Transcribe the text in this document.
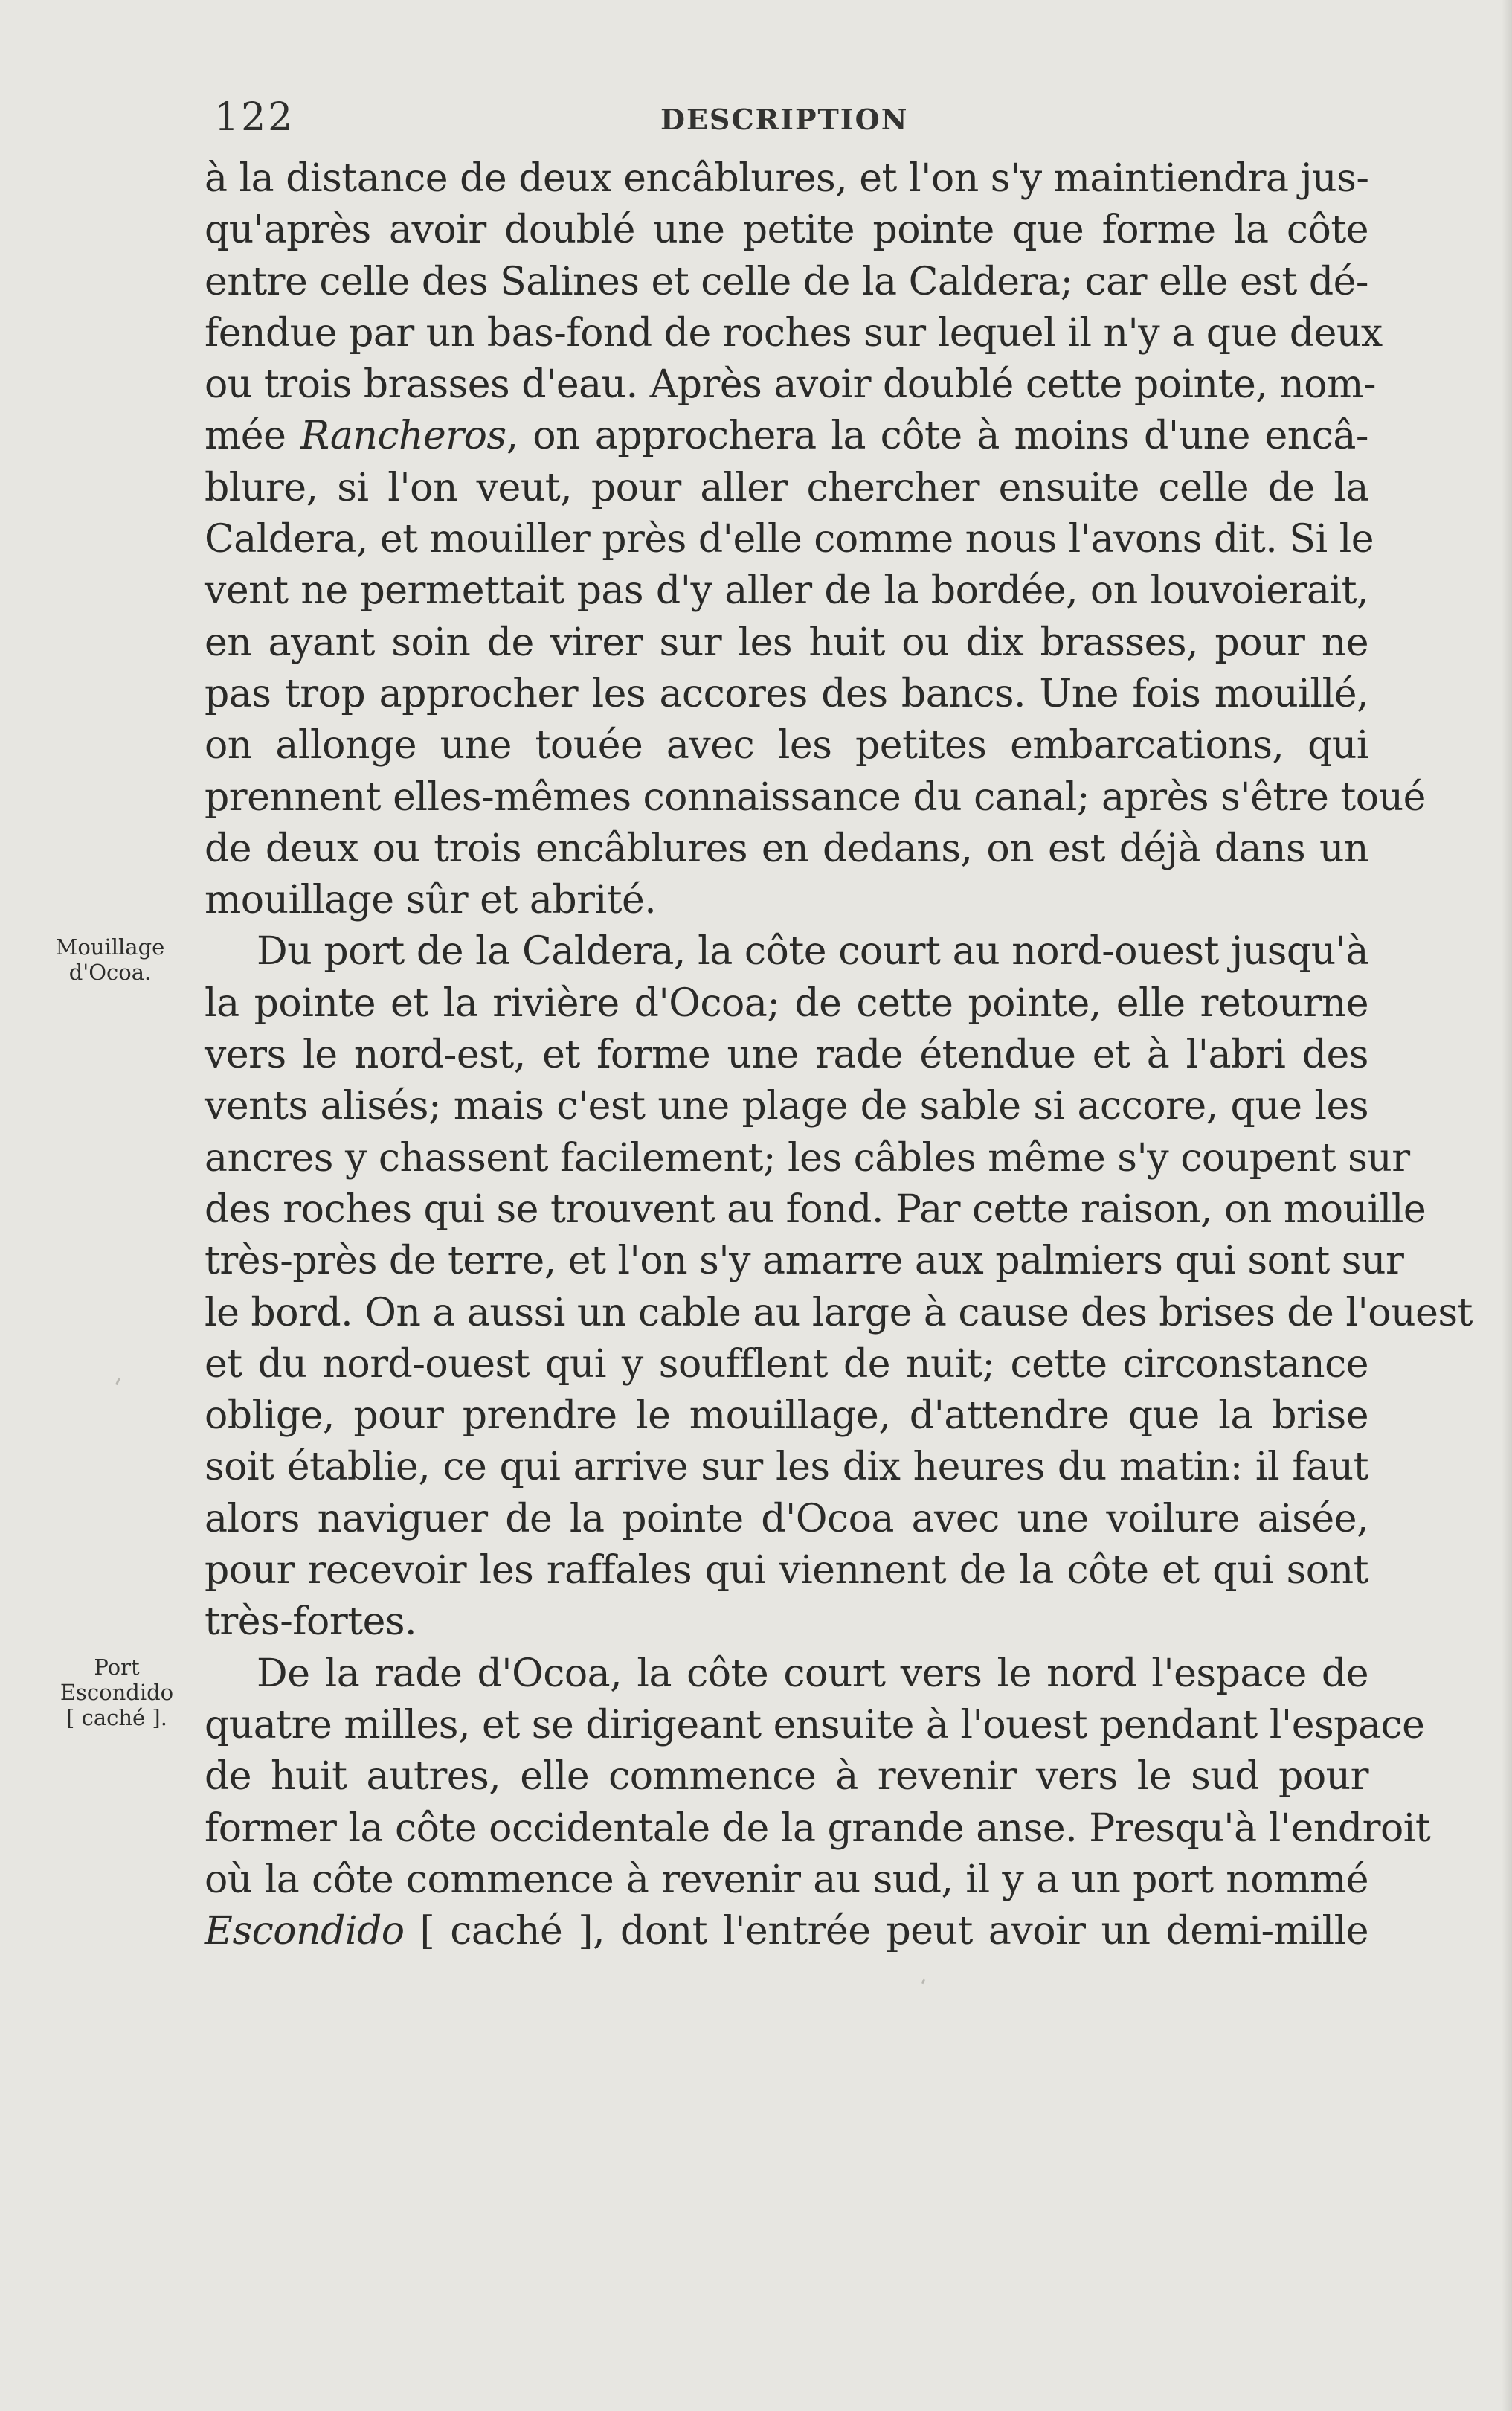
122	DESCRIPTION
à la distance de deux encâblures, et l'on s'y maintiendra jus-
qu'après avoir doublé une petite pointe que forme la côte
entre celle des Salines et celle de la Caldera; car elle est dé-
fendue par un bas-fond de roches sur lequel il n'y a que deux
ou trois brasses d'eau. Après avoir doublé cette pointe, nom-
mée Rancheros, on approchera la côte à moins d'une encâ-
blure, si l'on veut, pour aller chercher ensuite celle de la
Caldera, et mouiller près d'elle comme nous l'avons dit. Si le
vent ne permettait pas d'y aller de la bordée, on louvoierait,
en ayant soin de virer sur les huit ou dix brasses, pour ne
pas trop approcher les accores des bancs. Une fois mouillé,
on allonge une touée avec les petites embarcations, qui
prennent elles-mêmes connaissance du canal; après s'être toué
de deux ou trois encâblures en dedans, on est déjà dans un
mouillage sûr et abrité.
Du port de la Caldera, la côte court au nord-ouest jusqu'à
la pointe et la rivière d'Ocoa; de cette pointe, elle retourne
vers le nord-est, et forme une rade étendue et à l'abri des
vents alisés; mais c'est une plage de sable si accore, que les
ancres y chassent facilement; les câbles même s'y coupent sur
des roches qui se trouvent au fond. Par cette raison, on mouille
très-près de terre, et l'on s'y amarre aux palmiers qui sont sur
le bord. On a aussi un cable au large à cause des brises de l'ouest
et du nord-ouest qui y soufflent de nuit; cette circonstance
oblige, pour prendre le mouillage, d'attendre que la brise
soit établie, ce qui arrive sur les dix heures du matin: il faut
alors naviguer de la pointe d'Ocoa avec une voilure aisée,
pour recevoir les raffales qui viennent de la côte et qui sont
très-fortes.
De la rade d'Ocoa, la côte court vers le nord l'espace de
quatre milles, et se dirigeant ensuite à l'ouest pendant l'espace
de huit autres, elle commence à revenir vers le sud pour
former la côte occidentale de la grande anse. Presqu'à l'endroit
où la côte commence à revenir au sud, il y a un port nommé
Escondido [ caché ], dont l'entrée peut avoir un demi-mille
Mouillage
d'Ocoa.
Port
Escondido
[ caché ].
